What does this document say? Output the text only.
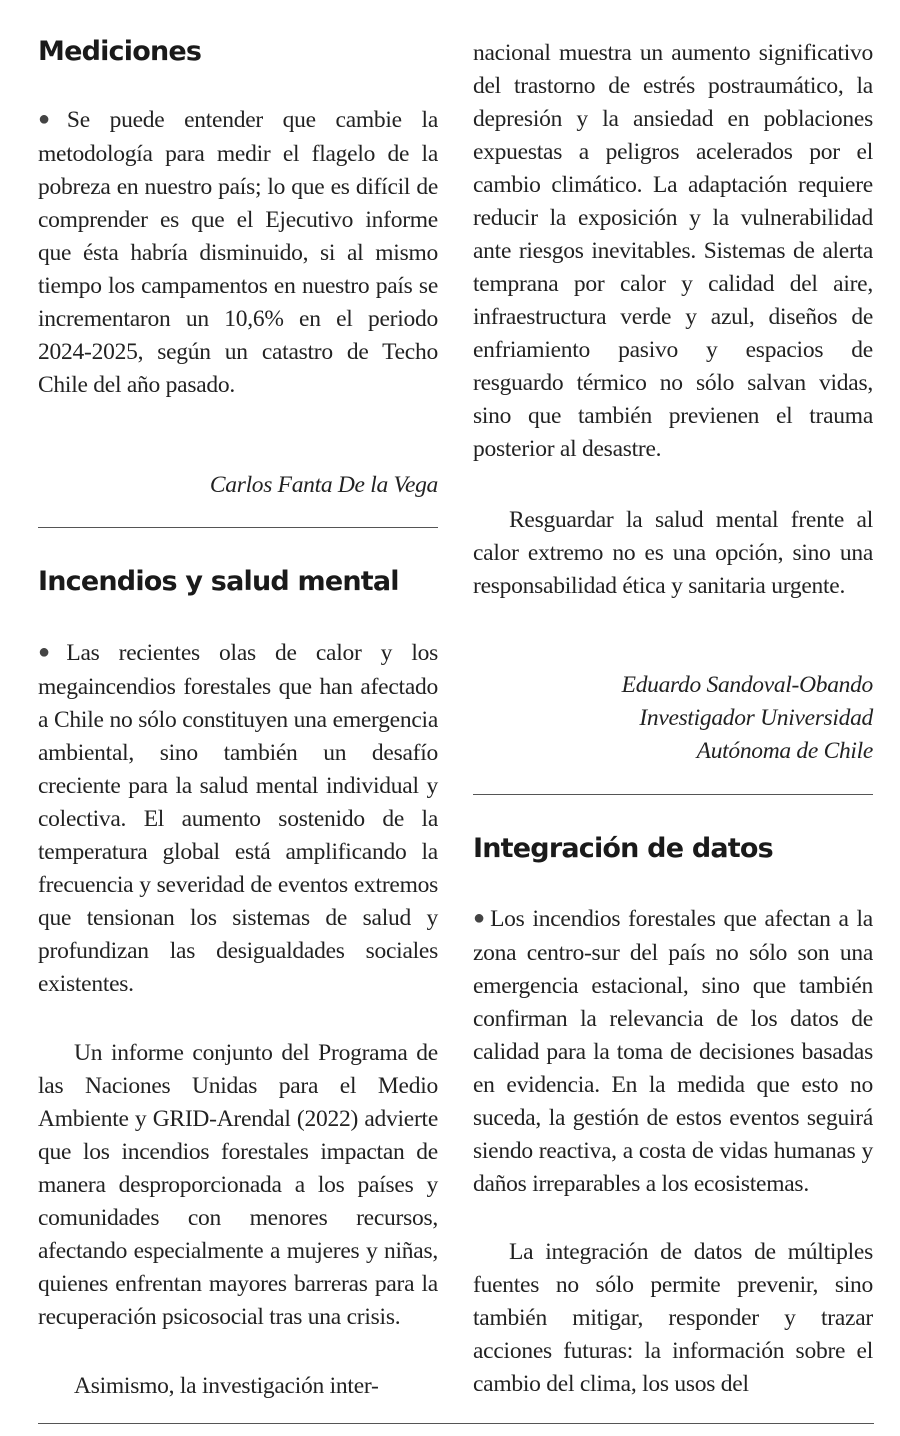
Mediciones

● Se puede entender que cambie la metodología para medir el flagelo de la pobreza en nuestro país; lo que es difícil de comprender es que el Ejecutivo informe que ésta habría disminuido, si al mismo tiempo los campamentos en nuestro país se incrementaron un 10,6% en el periodo 2024-2025, según un catastro de Techo Chile del año pasado.

Carlos Fanta De la Vega
Incendios y salud mental

● Las recientes olas de calor y los megaincendios forestales que han afectado a Chile no sólo constituyen una emergencia ambiental, sino también un desafío creciente para la salud mental individual y colectiva. El aumento sostenido de la temperatura global está amplificando la frecuencia y severidad de eventos extremos que tensionan los sistemas de salud y profundizan las desigualdades sociales existentes.

Un informe conjunto del Programa de las Naciones Unidas para el Medio Ambiente y GRID-Arendal (2022) advierte que los incendios forestales impactan de manera desproporcionada a los países y comunidades con menores recursos, afectando especialmente a mujeres y niñas, quienes enfrentan mayores barreras para la recuperación psicosocial tras una crisis.

Asimismo, la investigación inter-

nacional muestra un aumento significativo del trastorno de estrés postraumático, la depresión y la ansiedad en poblaciones expuestas a peligros acelerados por el cambio climático. La adaptación requiere reducir la exposición y la vulnerabilidad ante riesgos inevitables. Sistemas de alerta temprana por calor y calidad del aire, infraestructura verde y azul, diseños de enfriamiento pasivo y espacios de resguardo térmico no sólo salvan vidas, sino que también previenen el trauma posterior al desastre.

Resguardar la salud mental frente al calor extremo no es una opción, sino una responsabilidad ética y sanitaria urgente.

Eduardo Sandoval-Obando
Investigador Universidad
Autónoma de Chile
Integración de datos

● Los incendios forestales que afectan a la zona centro-sur del país no sólo son una emergencia estacional, sino que también confirman la relevancia de los datos de calidad para la toma de decisiones basadas en evidencia. En la medida que esto no suceda, la gestión de estos eventos seguirá siendo reactiva, a costa de vidas humanas y daños irreparables a los ecosistemas.

La integración de datos de múltiples fuentes no sólo permite prevenir, sino también mitigar, responder y trazar acciones futuras: la información sobre el cambio del clima, los usos del
